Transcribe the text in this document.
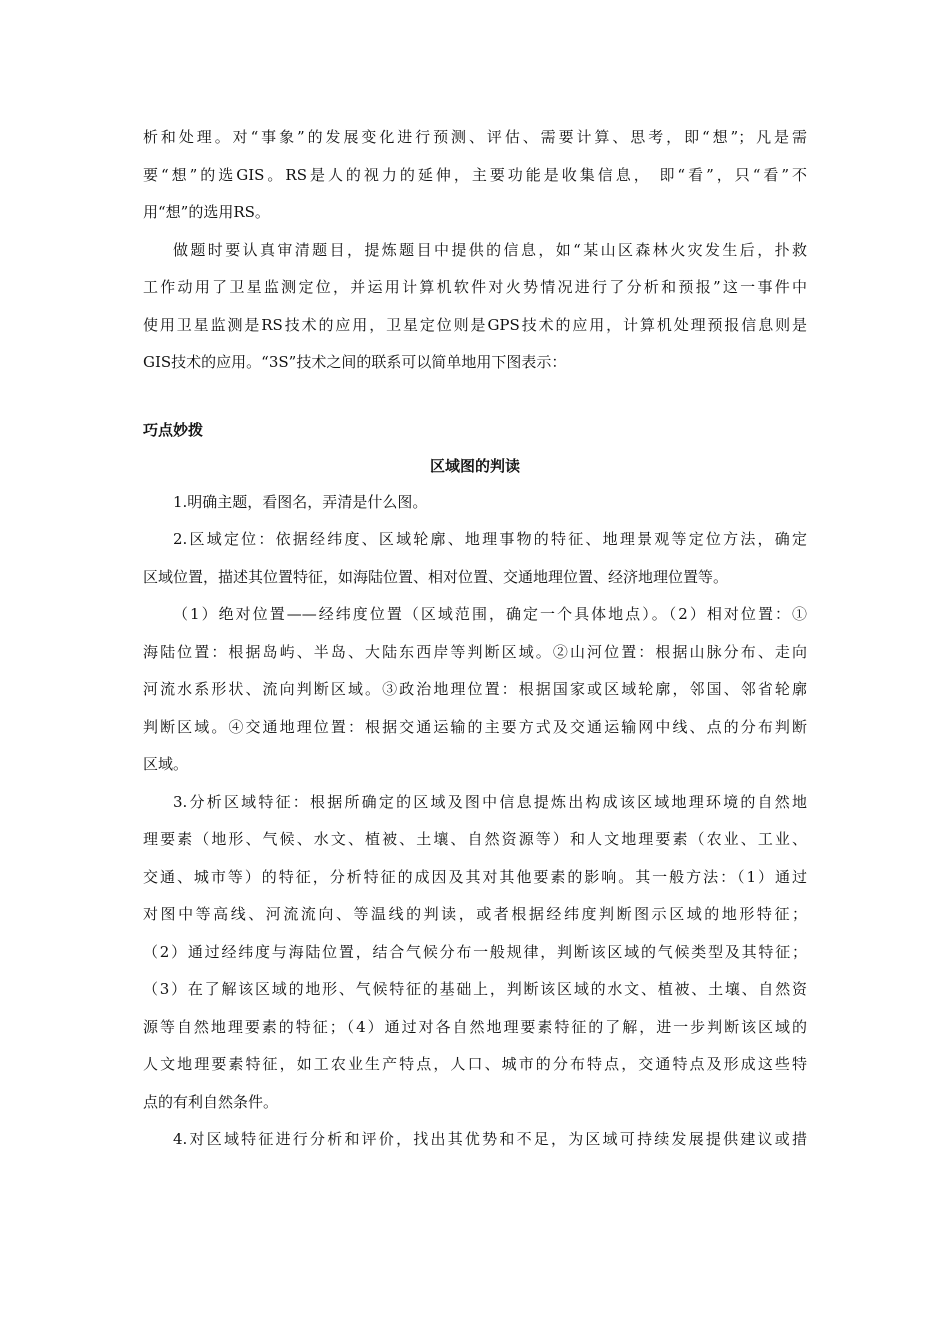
析和处理。对“事象”的发展变化进行预测、评估、需要计算、思考，即“想”；凡是需
要“想”的选GIS。RS是人的视力的延伸，主要功能是收集信息， 即“看”，只“看”不
用“想”的选用RS。
做题时要认真审清题目，提炼题目中提供的信息，如“某山区森林火灾发生后，扑救
工作动用了卫星监测定位，并运用计算机软件对火势情况进行了分析和预报”这一事件中
使用卫星监测是RS技术的应用，卫星定位则是GPS技术的应用，计算机处理预报信息则是
GIS技术的应用。“3S”技术之间的联系可以简单地用下图表示：
巧点妙拨
区域图的判读
1.明确主题，看图名，弄清是什么图。
2.区域定位：依据经纬度、区域轮廓、地理事物的特征、地理景观等定位方法，确定
区域位置，描述其位置特征，如海陆位置、相对位置、交通地理位置、经济地理位置等。
（1）绝对位置——经纬度位置（区域范围，确定一个具体地点）。（2）相对位置：①
海陆位置：根据岛屿、半岛、大陆东西岸等判断区域。②山河位置：根据山脉分布、走向
河流水系形状、流向判断区域。③政治地理位置：根据国家或区域轮廓，邻国、邻省轮廓
判断区域。④交通地理位置：根据交通运输的主要方式及交通运输网中线、点的分布判断
区域。
3.分析区域特征：根据所确定的区域及图中信息提炼出构成该区域地理环境的自然地
理要素（地形、气候、水文、植被、土壤、自然资源等）和人文地理要素（农业、工业、
交通、城市等）的特征，分析特征的成因及其对其他要素的影响。其一般方法：（1）通过
对图中等高线、河流流向、等温线的判读，或者根据经纬度判断图示区域的地形特征；
（2）通过经纬度与海陆位置，结合气候分布一般规律，判断该区域的气候类型及其特征；
（3）在了解该区域的地形、气候特征的基础上，判断该区域的水文、植被、土壤、自然资
源等自然地理要素的特征；（4）通过对各自然地理要素特征的了解，进一步判断该区域的
人文地理要素特征，如工农业生产特点，人口、城市的分布特点，交通特点及形成这些特
点的有利自然条件。
4.对区域特征进行分析和评价，找出其优势和不足，为区域可持续发展提供建议或措
